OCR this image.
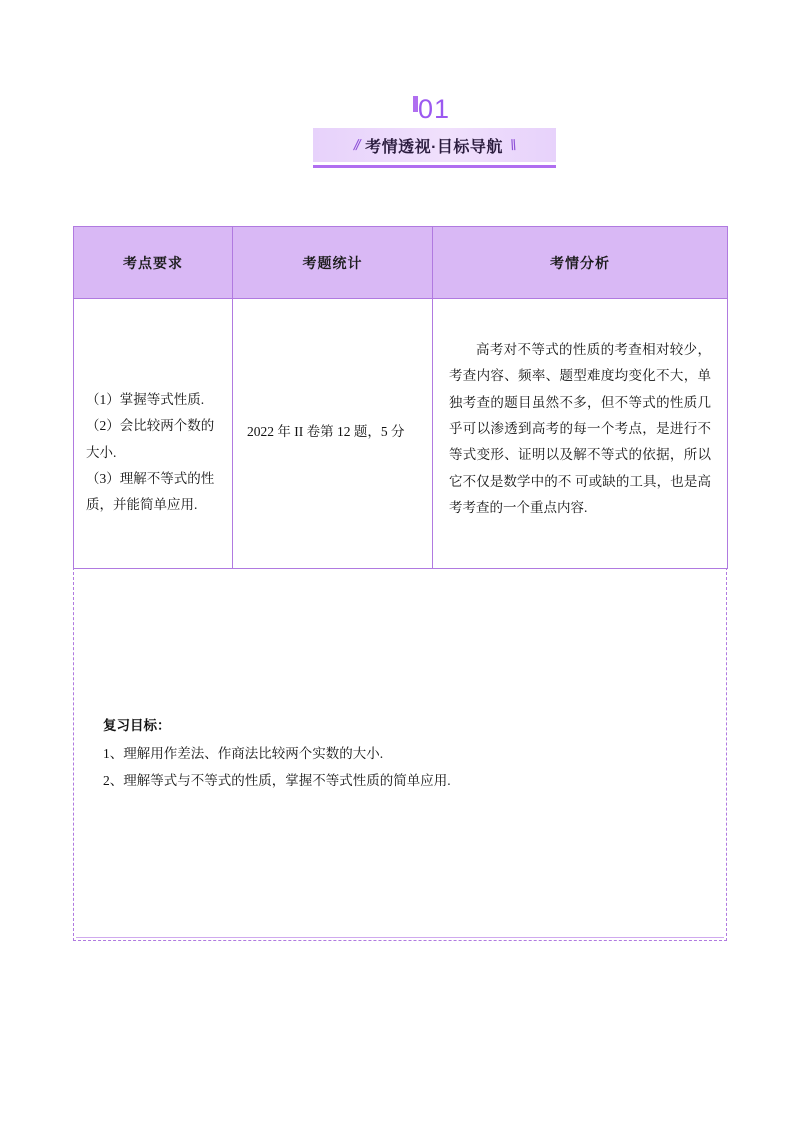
01
// 考情透视·目标导航 \\
考点要求	考题统计	考情分析

（1）掌握等式性质.
（2）会比较两个数的
大小.
（3）理解不等式的性
质，并能简单应用.	2022 年 II 卷第 12 题，5 分	高考对不等式的性质的考查相对较少，考查内容、频率、题型难度均变化不大，单独考查的题目虽然不多，但不等式的性质几乎可以渗透到高考的每一个考点，是进行不等式变形、证明以及解不等式的依据，所以它不仅是数学中的不 可或缺的工具，也是高考考查的一个重点内容.

复习目标：
1、理解用作差法、作商法比较两个实数的大小.
2、理解等式与不等式的性质，掌握不等式性质的简单应用.
